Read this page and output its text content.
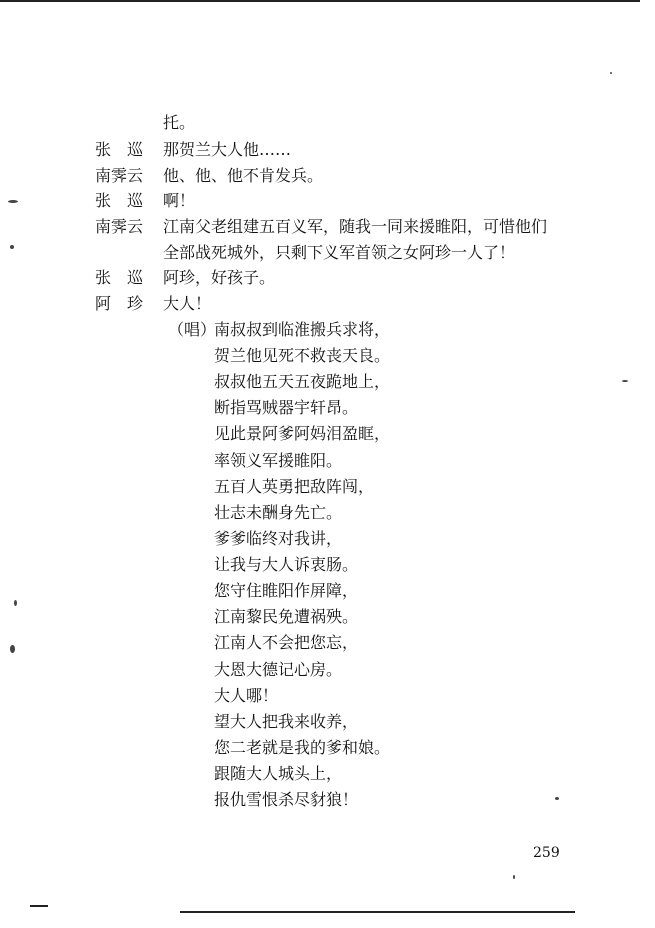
托。
张　巡 那贺兰大人他……
南霁云 他、他、他不肯发兵。
张　巡 啊！
南霁云 江南父老组建五百义军，随我一同来援睢阳，可惜他们
全部战死城外，只剩下义军首领之女阿珍一人了！
张　巡 阿珍，好孩子。
阿　珍 大人！
（唱）
南叔叔到临淮搬兵求将，
贺兰他见死不救丧天良。
叔叔他五天五夜跪地上，
断指骂贼器宇轩昂。
见此景阿爹阿妈泪盈眶，
率领义军援睢阳。
五百人英勇把敌阵闯，
壮志未酬身先亡。
爹爹临终对我讲，
让我与大人诉衷肠。
您守住睢阳作屏障，
江南黎民免遭祸殃。
江南人不会把您忘，
大恩大德记心房。
大人哪！
望大人把我来收养，
您二老就是我的爹和娘。
跟随大人城头上，
报仇雪恨杀尽豺狼！
259
